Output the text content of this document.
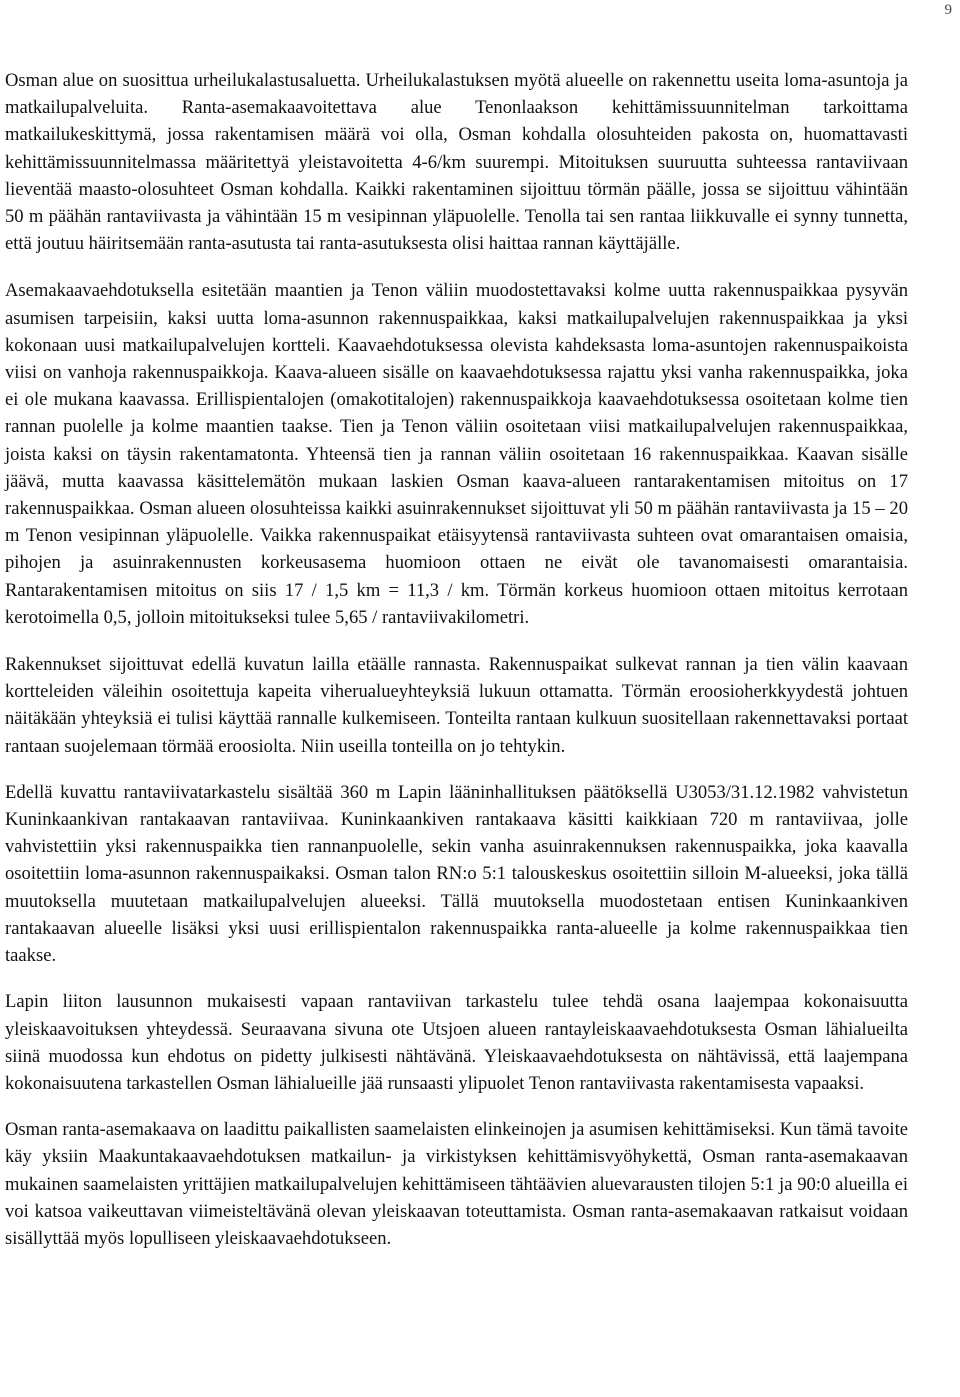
9

Osman alue on suosittua urheilukalastusaluetta. Urheilukalastuksen myötä alueelle on rakennettu useita loma-asuntoja ja matkailupalveluita. Ranta-asemakaavoitettava alue Tenonlaakson kehittämissuunnitelman tarkoittama matkailukeskittymä, jossa rakentamisen määrä voi olla, Osman kohdalla olosuhteiden pakosta on, huomattavasti kehittämissuunnitelmassa määritettyä yleistavoitetta 4-6/km suurempi. Mitoituksen suuruutta suhteessa rantaviivaan lieventää maasto-olosuhteet Osman kohdalla. Kaikki rakentaminen sijoittuu törmän päälle, jossa se sijoittuu vähintään 50 m päähän rantaviivasta ja vähintään 15 m vesipinnan yläpuolelle. Tenolla tai sen rantaa liikkuvalle ei synny tunnetta, että joutuu häiritsemään ranta-asutusta tai ranta-asutuksesta olisi haittaa rannan käyttäjälle.

Asemakaavaehdotuksella esitetään maantien ja Tenon väliin muodostettavaksi kolme uutta rakennuspaikkaa pysyvän asumisen tarpeisiin, kaksi uutta loma-asunnon rakennuspaikkaa, kaksi matkailupalvelujen rakennuspaikkaa ja yksi kokonaan uusi matkailupalvelujen kortteli. Kaavaehdotuksessa olevista kahdeksasta loma-asuntojen rakennuspaikoista viisi on vanhoja rakennuspaikkoja. Kaava-alueen sisälle on kaavaehdotuksessa rajattu yksi vanha rakennuspaikka, joka ei ole mukana kaavassa. Erillispientalojen (omakotitalojen) rakennuspaikkoja kaavaehdotuksessa osoitetaan kolme tien rannan puolelle ja kolme maantien taakse. Tien ja Tenon väliin osoitetaan viisi matkailupalvelujen rakennuspaikkaa, joista kaksi on täysin rakentamatonta. Yhteensä tien ja rannan väliin osoitetaan 16 rakennuspaikkaa. Kaavan sisälle jäävä, mutta kaavassa käsittelemätön mukaan laskien Osman kaava-alueen rantarakentamisen mitoitus on 17 rakennuspaikkaa. Osman alueen olosuhteissa kaikki asuinrakennukset sijoittuvat yli 50 m päähän rantaviivasta ja 15 – 20 m Tenon vesipinnan yläpuolelle. Vaikka rakennuspaikat etäisyytensä rantaviivasta suhteen ovat omarantaisen omaisia, pihojen ja asuinrakennusten korkeusasema huomioon ottaen ne eivät ole tavanomaisesti omarantaisia. Rantarakentamisen mitoitus on siis 17 / 1,5 km = 11,3 / km. Törmän korkeus huomioon ottaen mitoitus kerrotaan kerotoimella 0,5, jolloin mitoitukseksi tulee 5,65 / rantaviivakilometri.

Rakennukset sijoittuvat edellä kuvatun lailla etäälle rannasta. Rakennuspaikat sulkevat rannan ja tien välin kaavaan kortteleiden väleihin osoitettuja kapeita viherualueyhteyksiä lukuun ottamatta. Törmän eroosioherkkyydestä johtuen näitäkään yhteyksiä ei tulisi käyttää rannalle kulkemiseen. Tonteilta rantaan kulkuun suositellaan rakennettavaksi portaat rantaan suojelemaan törmää eroosiolta. Niin useilla tonteilla on jo tehtykin.

Edellä kuvattu rantaviivatarkastelu sisältää 360 m Lapin lääninhallituksen päätöksellä U3053/31.12.1982 vahvistetun Kuninkaankivan rantakaavan rantaviivaa. Kuninkaankiven rantakaava käsitti kaikkiaan 720 m rantaviivaa, jolle vahvistettiin yksi rakennuspaikka tien rannanpuolelle, sekin vanha asuinrakennuksen rakennuspaikka, joka kaavalla osoitettiin loma-asunnon rakennuspaikaksi. Osman talon RN:o 5:1 talouskeskus osoitettiin silloin M-alueeksi, joka tällä muutoksella muutetaan matkailupalvelujen alueeksi. Tällä muutoksella muodostetaan entisen Kuninkaankiven rantakaavan alueelle lisäksi yksi uusi erillispientalon rakennuspaikka ranta-alueelle ja kolme rakennuspaikkaa tien taakse.

Lapin liiton lausunnon mukaisesti vapaan rantaviivan tarkastelu tulee tehdä osana laajempaa kokonaisuutta yleiskaavoituksen yhteydessä. Seuraavana sivuna ote Utsjoen alueen rantayleiskaavaehdotuksesta Osman lähialueilta siinä muodossa kun ehdotus on pidetty julkisesti nähtävänä. Yleiskaavaehdotuksesta on nähtävissä, että laajempana kokonaisuutena tarkastellen Osman lähialueille jää runsaasti ylipuolet Tenon rantaviivasta rakentamisesta vapaaksi.

Osman ranta-asemakaava on laadittu paikallisten saamelaisten elinkeinojen ja asumisen kehittämiseksi. Kun tämä tavoite käy yksiin Maakuntakaavaehdotuksen matkailun- ja virkistyksen kehittämisvyöhykettä, Osman ranta-asemakaavan mukainen saamelaisten yrittäjien matkailupalvelujen kehittämiseen tähtäävien aluevarausten tilojen 5:1 ja 90:0 alueilla ei voi katsoa vaikeuttavan viimeisteltävänä olevan yleiskaavan toteuttamista. Osman ranta-asemakaavan ratkaisut voidaan sisällyttää myös lopulliseen yleiskaavaehdotukseen.
